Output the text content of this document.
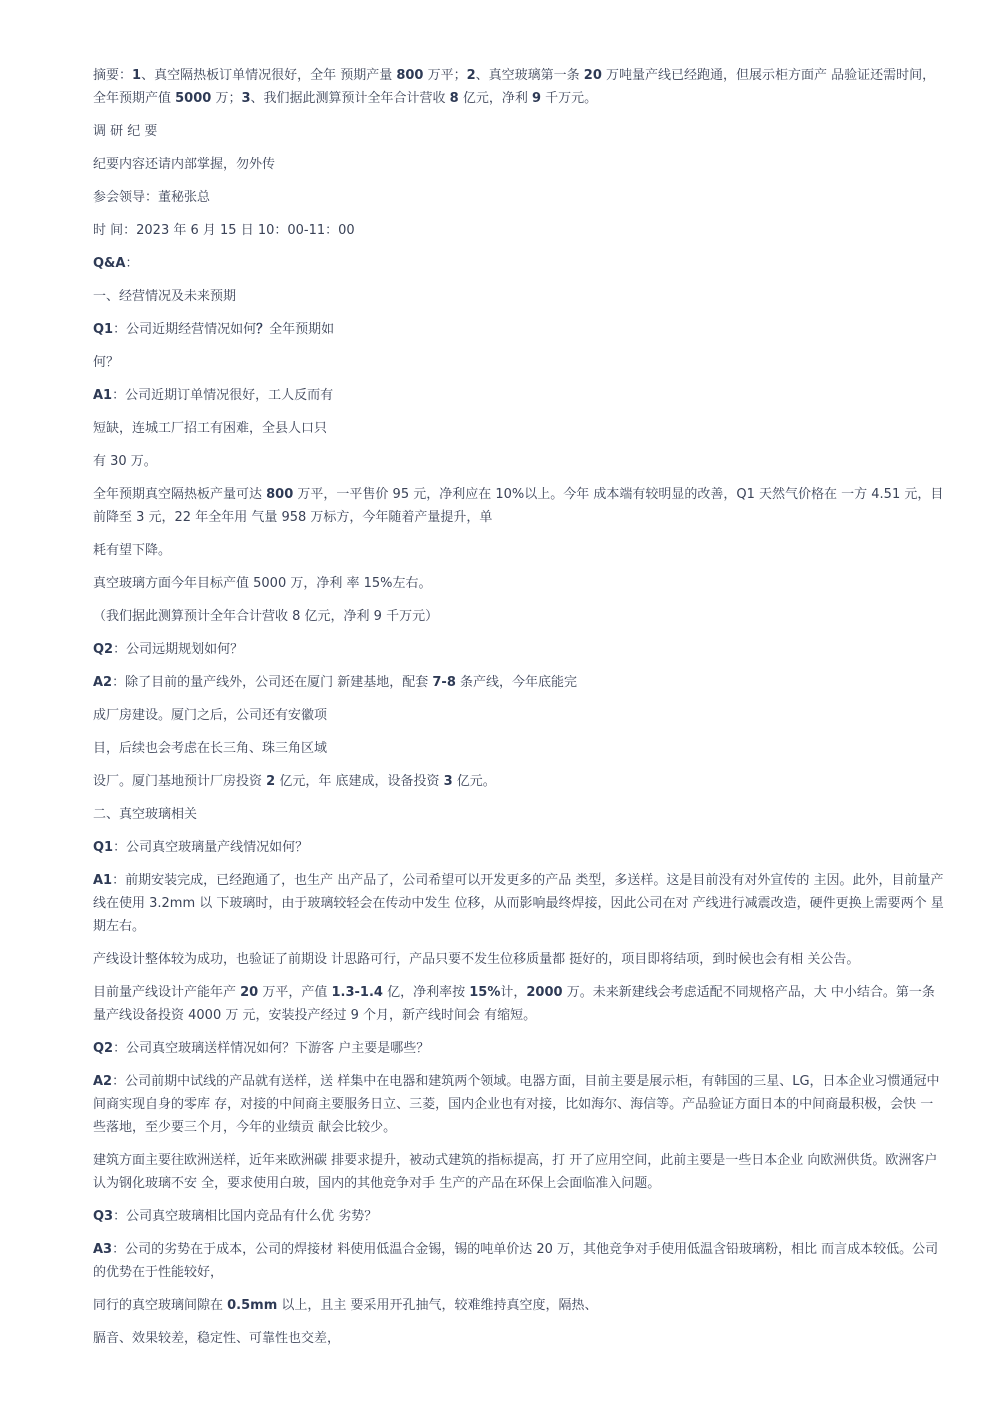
摘要：1、真空隔热板订单情况很好，全年 预期产量 800 万平；2、真空玻璃第一条 20 万吨量产线已经跑通，但展示柜方面产 品验证还需时间，全年预期产值 5000 万；3、我们据此测算预计全年合计营收 8 亿元，净利 9 千万元。

调 研 纪 要

纪要内容还请内部掌握，勿外传

参会领导：董秘张总

时 间：2023 年 6 月 15 日 10：00-11：00

Q&A：

一、经营情况及未来预期

Q1：公司近期经营情况如何？全年预期如

何？

A1：公司近期订单情况很好，工人反而有

短缺，连城工厂招工有困难，全县人口只

有 30 万。

全年预期真空隔热板产量可达 800 万平，一平售价 95 元，净利应在 10%以上。今年 成本端有较明显的改善，Q1 天然气价格在 一方 4.51 元，目前降至 3 元，22 年全年用 气量 958 万标方，今年随着产量提升，单

耗有望下降。

真空玻璃方面今年目标产值 5000 万，净利 率 15%左右。

（我们据此测算预计全年合计营收 8 亿元，净利 9 千万元）

Q2：公司远期规划如何？

A2：除了目前的量产线外，公司还在厦门 新建基地，配套 7-8 条产线，今年底能完

成厂房建设。厦门之后，公司还有安徽项

目，后续也会考虑在长三角、珠三角区域

设厂。厦门基地预计厂房投资 2 亿元，年 底建成，设备投资 3 亿元。

二、真空玻璃相关

Q1：公司真空玻璃量产线情况如何？

A1：前期安装完成，已经跑通了，也生产 出产品了，公司希望可以开发更多的产品 类型，多送样。这是目前没有对外宣传的 主因。此外，目前量产线在使用 3.2mm 以 下玻璃时，由于玻璃较轻会在传动中发生 位移，从而影响最终焊接，因此公司在对 产线进行减震改造，硬件更换上需要两个 星期左右。

产线设计整体较为成功，也验证了前期设 计思路可行，产品只要不发生位移质量都 挺好的，项目即将结项，到时候也会有相 关公告。

目前量产线设计产能年产 20 万平，产值 1.3-1.4 亿，净利率按 15%计，2000 万。未来新建线会考虑适配不同规格产品，大 中小结合。第一条量产线设备投资 4000 万 元，安装投产经过 9 个月，新产线时间会 有缩短。

Q2：公司真空玻璃送样情况如何？下游客 户主要是哪些？

A2：公司前期中试线的产品就有送样，送 样集中在电器和建筑两个领域。电器方面，目前主要是展示柜，有韩国的三星、LG，日本企业习惯通冠中间商实现自身的零库 存，对接的中间商主要服务日立、三菱，国内企业也有对接，比如海尔、海信等。产品验证方面日本的中间商最积极，会快 一些落地，至少要三个月，今年的业绩贡 献会比较少。

建筑方面主要往欧洲送样，近年来欧洲碳 排要求提升，被动式建筑的指标提高，打 开了应用空间，此前主要是一些日本企业 向欧洲供货。欧洲客户认为钢化玻璃不安 全，要求使用白玻，国内的其他竞争对手 生产的产品在环保上会面临准入问题。

Q3：公司真空玻璃相比国内竞品有什么优 劣势？

A3：公司的劣势在于成本，公司的焊接材 料使用低温合金锡，锡的吨单价达 20 万，其他竞争对手使用低温含铅玻璃粉，相比 而言成本较低。公司的优势在于性能较好，

同行的真空玻璃间隙在 0.5mm 以上，且主 要采用开孔抽气，较难维持真空度，隔热、

膈音、效果较差，稳定性、可靠性也交差，
